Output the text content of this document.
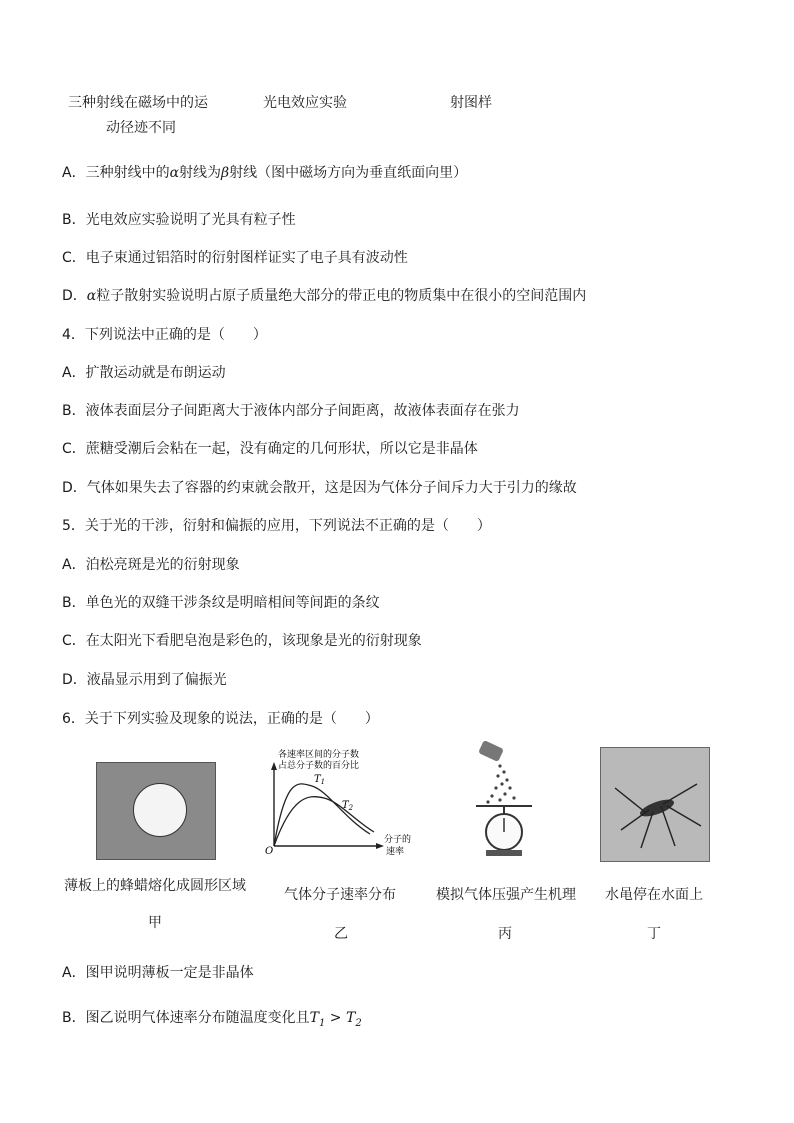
三种射线在磁场中的运
动径迹不同
光电效应实验	射图样
A．三种射线中的α射线为β射线（图中磁场方向为垂直纸面向里）
B．光电效应实验说明了光具有粒子性
C．电子束通过铝箔时的衍射图样证实了电子具有波动性
D．α粒子散射实验说明占原子质量绝大部分的带正电的物质集中在很小的空间范围内
4．下列说法中正确的是（　　）
A．扩散运动就是布朗运动
B．液体表面层分子间距离大于液体内部分子间距离，故液体表面存在张力
C．蔗糖受潮后会粘在一起，没有确定的几何形状，所以它是非晶体
D．气体如果失去了容器的约束就会散开，这是因为气体分子间斥力大于引力的缘故
5．关于光的干涉，衍射和偏振的应用，下列说法不正确的是（　　）
A．泊松亮斑是光的衍射现象
B．单色光的双缝干涉条纹是明暗相间等间距的条纹
C．在太阳光下看肥皂泡是彩色的，该现象是光的衍射现象
D．液晶显示用到了偏振光
6．关于下列实验及现象的说法，正确的是（　　）
各速率区间的分子数
占总分子数的百分比
$T_1$
$T_2$
O
分子的
速率
薄板上的蜂蜡熔化成圆形区域
甲
气体分子速率分布
乙
模拟气体压强产生机理
丙
水黾停在水面上
丁
A．图甲说明薄板一定是非晶体
B．图乙说明气体速率分布随温度变化且$T_1 > T_2$
